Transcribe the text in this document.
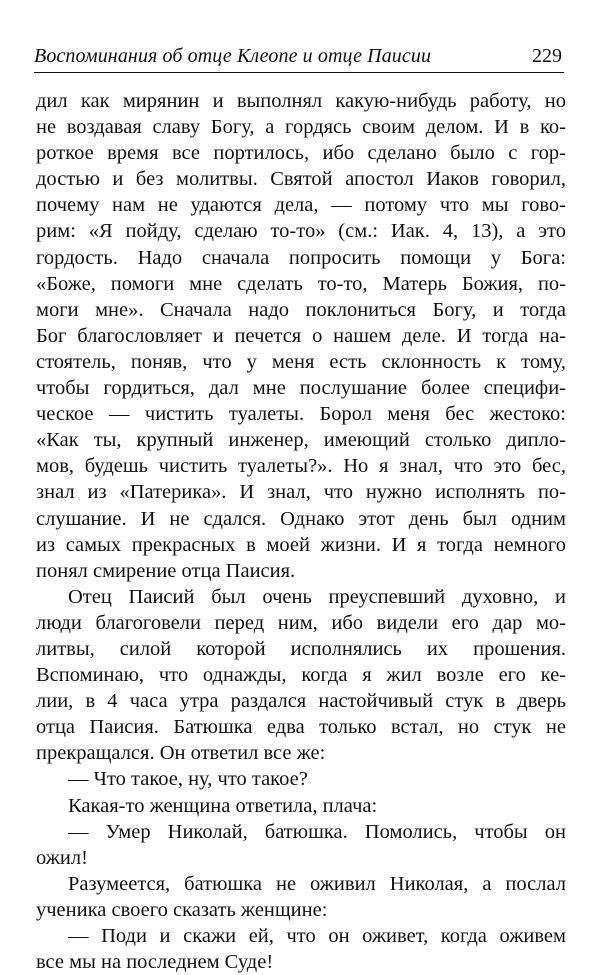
Воспоминания об отце Клеопе и отце Паисии	229
дил как мирянин и выполнял какую-нибудь работу, но
не воздавая славу Богу, а гордясь своим делом. И в ко-
роткое время все портилось, ибо сделано было с гор-
достью и без молитвы. Святой апостол Иаков говорил,
почему нам не удаются дела, — потому что мы гово-
рим: «Я пойду, сделаю то-то» (см.: Иак. 4, 13), а это
гордость. Надо сначала попросить помощи у Бога:
«Боже, помоги мне сделать то-то, Матерь Божия, по-
моги мне». Сначала надо поклониться Богу, и тогда
Бог благословляет и печется о нашем деле. И тогда на-
стоятель, поняв, что у меня есть склонность к тому,
чтобы гордиться, дал мне послушание более специфи-
ческое — чистить туалеты. Борол меня бес жестоко:
«Как ты, крупный инженер, имеющий столько дипло-
мов, будешь чистить туалеты?». Но я знал, что это бес,
знал из «Патерика». И знал, что нужно исполнять по-
слушание. И не сдался. Однако этот день был одним
из самых прекрасных в моей жизни. И я тогда немного
понял смирение отца Паисия.
Отец Паисий был очень преуспевший духовно, и
люди благоговели перед ним, ибо видели его дар мо-
литвы, силой которой исполнялись их прошения.
Вспоминаю, что однажды, когда я жил возле его ке-
лии, в 4 часа утра раздался настойчивый стук в дверь
отца Паисия. Батюшка едва только встал, но стук не
прекращался. Он ответил все же:
— Что такое, ну, что такое?
Какая-то женщина ответила, плача:
— Умер Николай, батюшка. Помолись, чтобы он
ожил!
Разумеется, батюшка не оживил Николая, а послал
ученика своего сказать женщине:
— Поди и скажи ей, что он оживет, когда оживем
все мы на последнем Суде!
